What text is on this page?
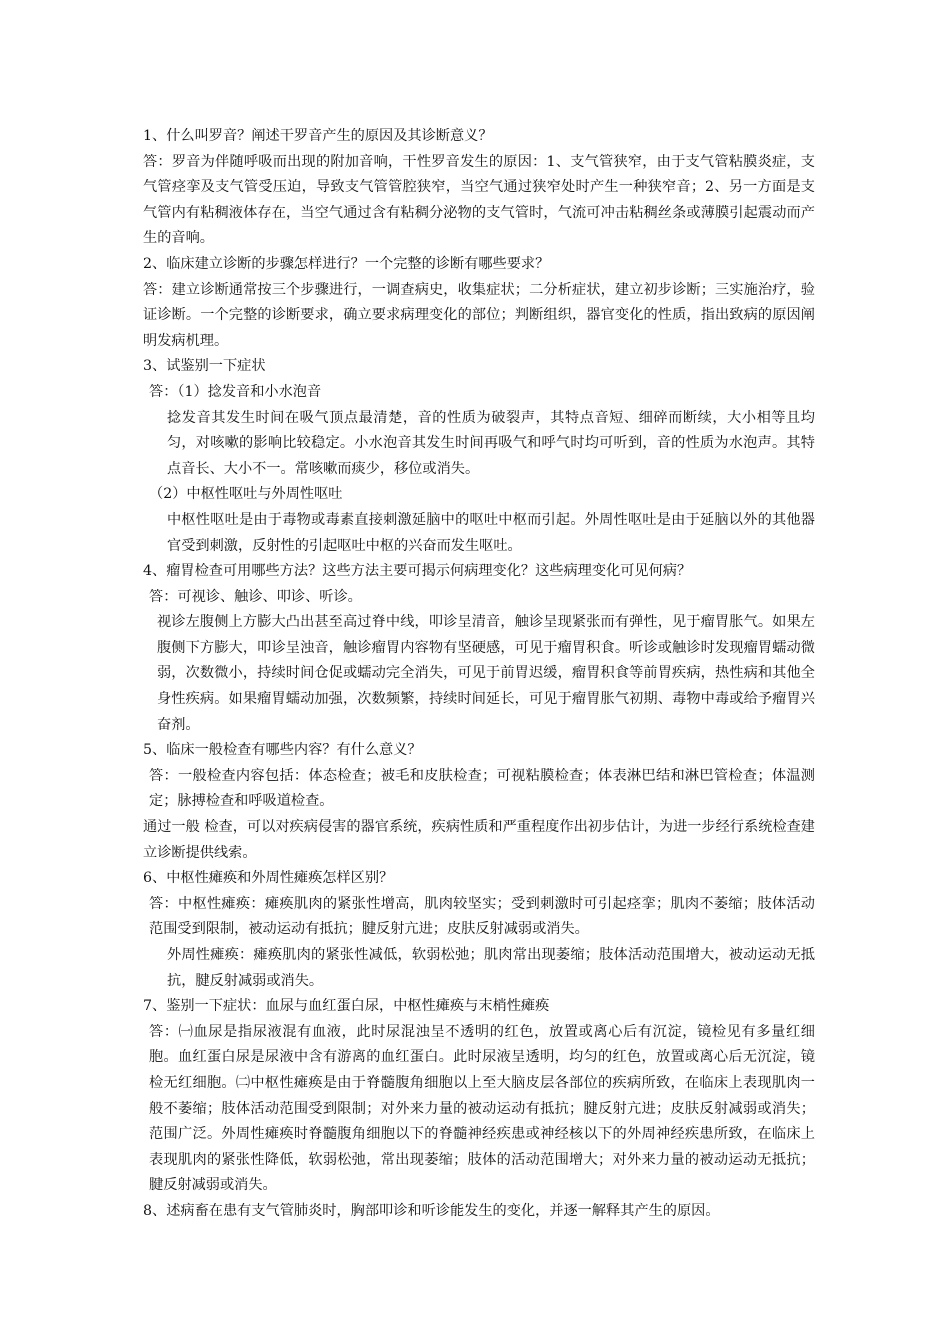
1、什么叫罗音？阐述干罗音产生的原因及其诊断意义？

答：罗音为伴随呼吸而出现的附加音响，干性罗音发生的原因：1、支气管狭窄，由于支气管粘膜炎症，支气管痉挛及支气管受压迫，导致支气管管腔狭窄，当空气通过狭窄处时产生一种狭窄音；2、另一方面是支气管内有粘稠液体存在，当空气通过含有粘稠分泌物的支气管时，气流可冲击粘稠丝条或薄膜引起震动而产生的音响。

2、临床建立诊断的步骤怎样进行？一个完整的诊断有哪些要求？

答：建立诊断通常按三个步骤进行，一调查病史，收集症状；二分析症状，建立初步诊断；三实施治疗，验证诊断。一个完整的诊断要求，确立要求病理变化的部位；判断组织，器官变化的性质，指出致病的原因阐明发病机理。

3、试鉴别一下症状

答：（1）捻发音和小水泡音

捻发音其发生时间在吸气顶点最清楚，音的性质为破裂声，其特点音短、细碎而断续，大小相等且均匀，对咳嗽的影响比较稳定。小水泡音其发生时间再吸气和呼气时均可听到，音的性质为水泡声。其特点音长、大小不一。常咳嗽而痰少，移位或消失。

（2）中枢性呕吐与外周性呕吐

中枢性呕吐是由于毒物或毒素直接刺激延脑中的呕吐中枢而引起。外周性呕吐是由于延脑以外的其他器官受到刺激，反射性的引起呕吐中枢的兴奋而发生呕吐。

4、瘤胃检查可用哪些方法？这些方法主要可揭示何病理变化？这些病理变化可见何病？

答：可视诊、触诊、叩诊、听诊。

视诊左腹侧上方膨大凸出甚至高过脊中线，叩诊呈清音，触诊呈现紧张而有弹性，见于瘤胃胀气。如果左腹侧下方膨大，叩诊呈浊音，触诊瘤胃内容物有坚硬感，可见于瘤胃积食。听诊或触诊时发现瘤胃蠕动微弱，次数微小，持续时间仓促或蠕动完全消失，可见于前胃迟缓，瘤胃积食等前胃疾病，热性病和其他全身性疾病。如果瘤胃蠕动加强，次数频繁，持续时间延长，可见于瘤胃胀气初期、毒物中毒或给予瘤胃兴奋剂。

5、临床一般检查有哪些内容？有什么意义？

答：一般检查内容包括：体态检查；被毛和皮肤检查；可视粘膜检查；体表淋巴结和淋巴管检查；体温测定；脉搏检查和呼吸道检查。

通过一般 检查，可以对疾病侵害的器官系统，疾病性质和严重程度作出初步估计，为进一步经行系统检查建立诊断提供线索。

6、中枢性瘫痪和外周性瘫痪怎样区别？

答：中枢性瘫痪：瘫痪肌肉的紧张性增高，肌肉较坚实；受到刺激时可引起痉挛；肌肉不萎缩；肢体活动范围受到限制，被动运动有抵抗；腱反射亢进；皮肤反射减弱或消失。

外周性瘫痪：瘫痪肌肉的紧张性减低，软弱松弛；肌肉常出现萎缩；肢体活动范围增大，被动运动无抵抗，腱反射减弱或消失。

7、鉴别一下症状：血尿与血红蛋白尿，中枢性瘫痪与末梢性瘫痪

答：㈠血尿是指尿液混有血液，此时尿混浊呈不透明的红色，放置或离心后有沉淀，镜检见有多量红细胞。血红蛋白尿是尿液中含有游离的血红蛋白。此时尿液呈透明，均匀的红色，放置或离心后无沉淀，镜检无红细胞。㈡中枢性瘫痪是由于脊髓腹角细胞以上至大脑皮层各部位的疾病所致，在临床上表现肌肉一般不萎缩；肢体活动范围受到限制；对外来力量的被动运动有抵抗；腱反射亢进；皮肤反射减弱或消失；范围广泛。外周性瘫痪时脊髓腹角细胞以下的脊髓神经疾患或神经核以下的外周神经疾患所致，在临床上表现肌肉的紧张性降低，软弱松弛，常出现萎缩；肢体的活动范围增大；对外来力量的被动运动无抵抗；腱反射减弱或消失。

8、述病畜在患有支气管肺炎时，胸部叩诊和听诊能发生的变化，并逐一解释其产生的原因。
